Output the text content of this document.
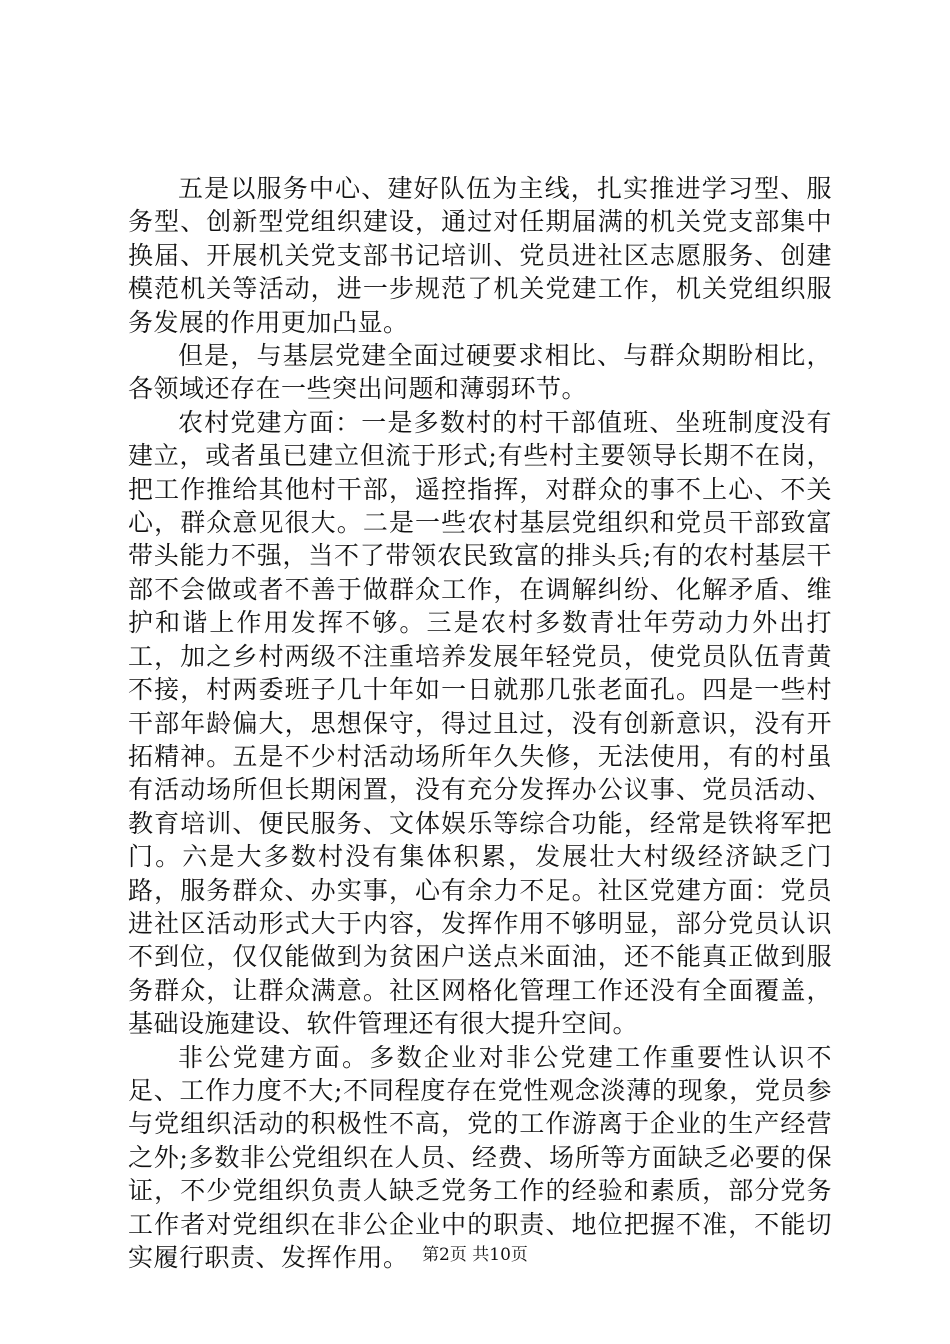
五是以服务中心、建好队伍为主线，扎实推进学习型、服务型、创新型党组织建设，通过对任期届满的机关党支部集中换届、开展机关党支部书记培训、党员进社区志愿服务、创建模范机关等活动，进一步规范了机关党建工作，机关党组织服务发展的作用更加凸显。

但是，与基层党建全面过硬要求相比、与群众期盼相比，各领域还存在一些突出问题和薄弱环节。

农村党建方面：一是多数村的村干部值班、坐班制度没有建立，或者虽已建立但流于形式;有些村主要领导长期不在岗，把工作推给其他村干部，遥控指挥，对群众的事不上心、不关心，群众意见很大。二是一些农村基层党组织和党员干部致富带头能力不强，当不了带领农民致富的排头兵;有的农村基层干部不会做或者不善于做群众工作，在调解纠纷、化解矛盾、维护和谐上作用发挥不够。三是农村多数青壮年劳动力外出打工，加之乡村两级不注重培养发展年轻党员，使党员队伍青黄不接，村两委班子几十年如一日就那几张老面孔。四是一些村干部年龄偏大，思想保守，得过且过，没有创新意识，没有开拓精神。五是不少村活动场所年久失修，无法使用，有的村虽有活动场所但长期闲置，没有充分发挥办公议事、党员活动、教育培训、便民服务、文体娱乐等综合功能，经常是铁将军把门。六是大多数村没有集体积累，发展壮大村级经济缺乏门路，服务群众、办实事，心有余力不足。社区党建方面：党员进社区活动形式大于内容，发挥作用不够明显，部分党员认识不到位，仅仅能做到为贫困户送点米面油，还不能真正做到服务群众，让群众满意。社区网格化管理工作还没有全面覆盖，基础设施建设、软件管理还有很大提升空间。

非公党建方面。多数企业对非公党建工作重要性认识不足、工作力度不大;不同程度存在党性观念淡薄的现象，党员参与党组织活动的积极性不高，党的工作游离于企业的生产经营之外;多数非公党组织在人员、经费、场所等方面缺乏必要的保证，不少党组织负责人缺乏党务工作的经验和素质，部分党务工作者对党组织在非公企业中的职责、地位把握不准，不能切实履行职责、发挥作用。 第2页 共10页
